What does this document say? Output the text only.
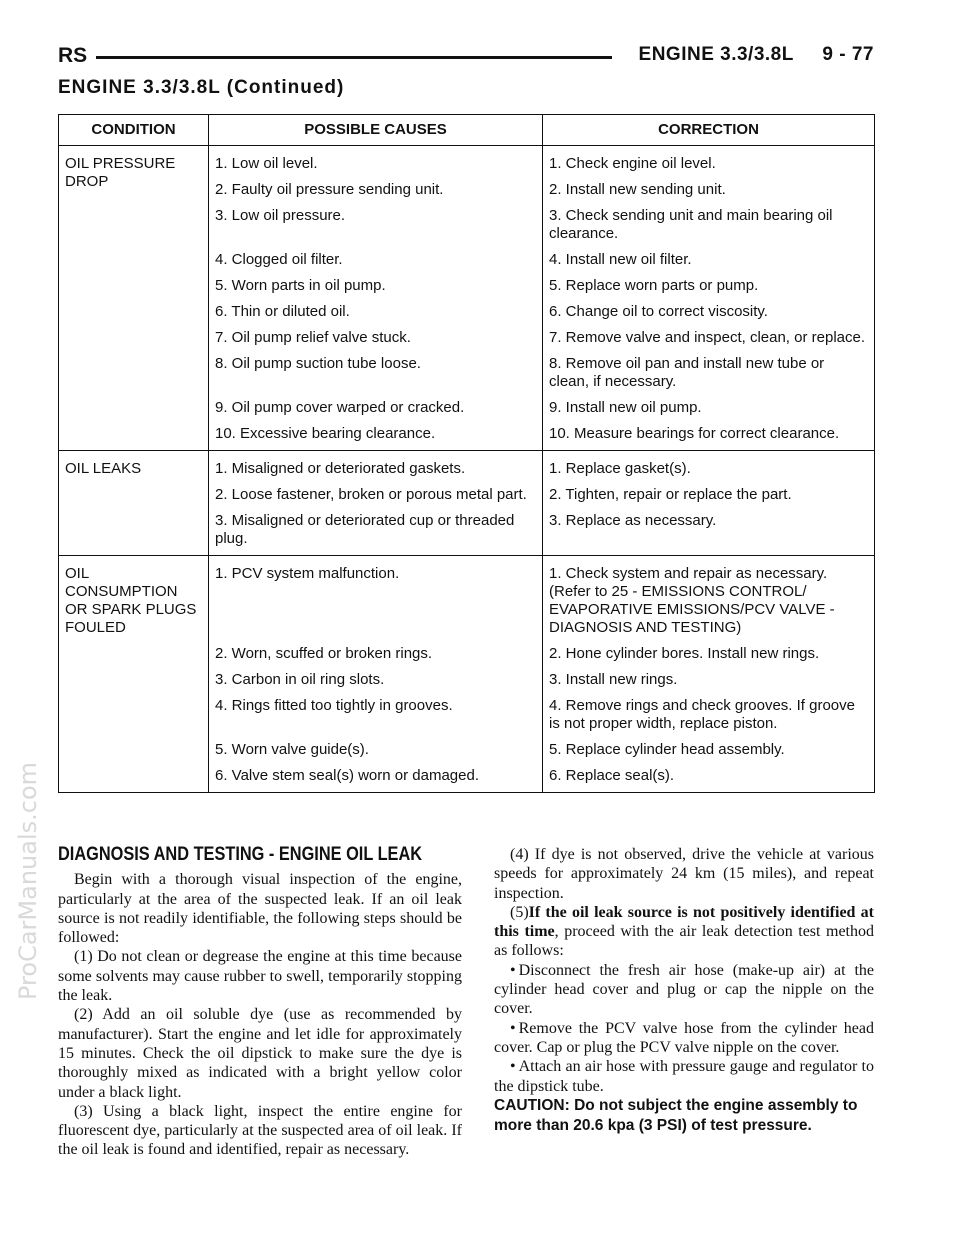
RS	ENGINE 3.3/3.8L     9 - 77
ENGINE 3.3/3.8L (Continued)
ProCarManuals.com
CONDITION	POSSIBLE CAUSES	CORRECTION
OIL PRESSURE DROP	1. Low oil level.	1. Check engine oil level.
	2. Faulty oil pressure sending unit.	2. Install new sending unit.
	3. Low oil pressure.	3. Check sending unit and main bearing oil clearance.
	4. Clogged oil filter.	4. Install new oil filter.
	5. Worn parts in oil pump.	5. Replace worn parts or pump.
	6. Thin or diluted oil.	6. Change oil to correct viscosity.
	7. Oil pump relief valve stuck.	7. Remove valve and inspect, clean, or replace.
	8. Oil pump suction tube loose.	8. Remove oil pan and install new tube or clean, if necessary.
	9. Oil pump cover warped or cracked.	9. Install new oil pump.
	10. Excessive bearing clearance.	10. Measure bearings for correct clearance.
OIL LEAKS	1. Misaligned or deteriorated gaskets.	1. Replace gasket(s).
	2. Loose fastener, broken or porous metal part.	2. Tighten, repair or replace the part.
	3. Misaligned or deteriorated cup or threaded plug.	3. Replace as necessary.
OIL CONSUMPTION OR SPARK PLUGS FOULED	1. PCV system malfunction.	1. Check system and repair as necessary. (Refer to 25 - EMISSIONS CONTROL/ EVAPORATIVE EMISSIONS/PCV VALVE - DIAGNOSIS AND TESTING)
	2. Worn, scuffed or broken rings.	2. Hone cylinder bores. Install new rings.
	3. Carbon in oil ring slots.	3. Install new rings.
	4. Rings fitted too tightly in grooves.	4. Remove rings and check grooves. If groove is not proper width, replace piston.
	5. Worn valve guide(s).	5. Replace cylinder head assembly.
	6. Valve stem seal(s) worn or damaged.	6. Replace seal(s).
DIAGNOSIS AND TESTING - ENGINE OIL LEAK

Begin with a thorough visual inspection of the engine, particularly at the area of the suspected leak. If an oil leak source is not readily identifiable, the following steps should be followed:

(1) Do not clean or degrease the engine at this time because some solvents may cause rubber to swell, temporarily stopping the leak.

(2) Add an oil soluble dye (use as recommended by manufacturer). Start the engine and let idle for approximately 15 minutes. Check the oil dipstick to make sure the dye is thoroughly mixed as indicated with a bright yellow color under a black light.

(3) Using a black light, inspect the entire engine for fluorescent dye, particularly at the suspected area of oil leak. If the oil leak is found and identified, repair as necessary.

(4) If dye is not observed, drive the vehicle at various speeds for approximately 24 km (15 miles), and repeat inspection.

(5)If the oil leak source is not positively identified at this time, proceed with the air leak detection test method as follows:

• Disconnect the fresh air hose (make-up air) at the cylinder head cover and plug or cap the nipple on the cover.

• Remove the PCV valve hose from the cylinder head cover. Cap or plug the PCV valve nipple on the cover.

• Attach an air hose with pressure gauge and regulator to the dipstick tube.

CAUTION: Do not subject the engine assembly to more than 20.6 kpa (3 PSI) of test pressure.
